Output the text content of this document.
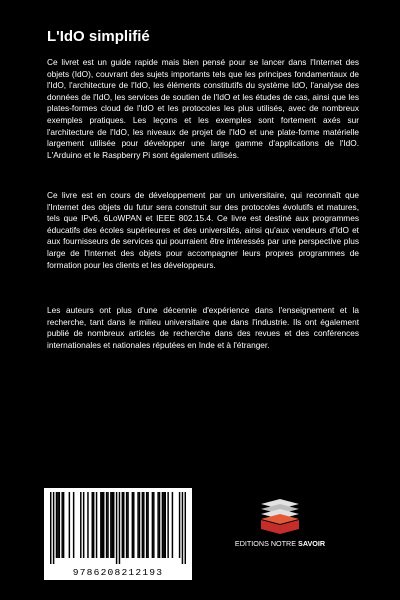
L'IdO simplifié

Ce livret est un guide rapide mais bien pensé pour se lancer dans l'Internet des objets (IdO), couvrant des sujets importants tels que les principes fondamentaux de l'IdO, l'architecture de l'IdO, les éléments constitutifs du système IdO, l'analyse des données de l'IdO, les services de soutien de l'IdO et les études de cas, ainsi que les plates-formes cloud de l'IdO et les protocoles les plus utilisés, avec de nombreux exemples pratiques. Les leçons et les exemples sont fortement axés sur l'architecture de l'IdO, les niveaux de projet de l'IdO et une plate-forme matérielle largement utilisée pour développer une large gamme d'applications de l'IdO. L'Arduino et le Raspberry Pi sont également utilisés.

Ce livre est en cours de développement par un universitaire, qui reconnaît que l'Internet des objets du futur sera construit sur des protocoles évolutifs et matures, tels que IPv6, 6LoWPAN et IEEE 802.15.4. Ce livre est destiné aux programmes éducatifs des écoles supérieures et des universités, ainsi qu'aux vendeurs d'IdO et aux fournisseurs de services qui pourraient être intéressés par une perspective plus large de l'Internet des objets pour accompagner leurs propres programmes de formation pour les clients et les développeurs.

Les auteurs ont plus d'une décennie d'expérience dans l'enseignement et la recherche, tant dans le milieu universitaire que dans l'industrie. Ils ont également publié de nombreux articles de recherche dans des revues et des conférences internationales et nationales réputées en Inde et à l'étranger.

9786208212193
EDITIONS NOTRE SAVOIR
